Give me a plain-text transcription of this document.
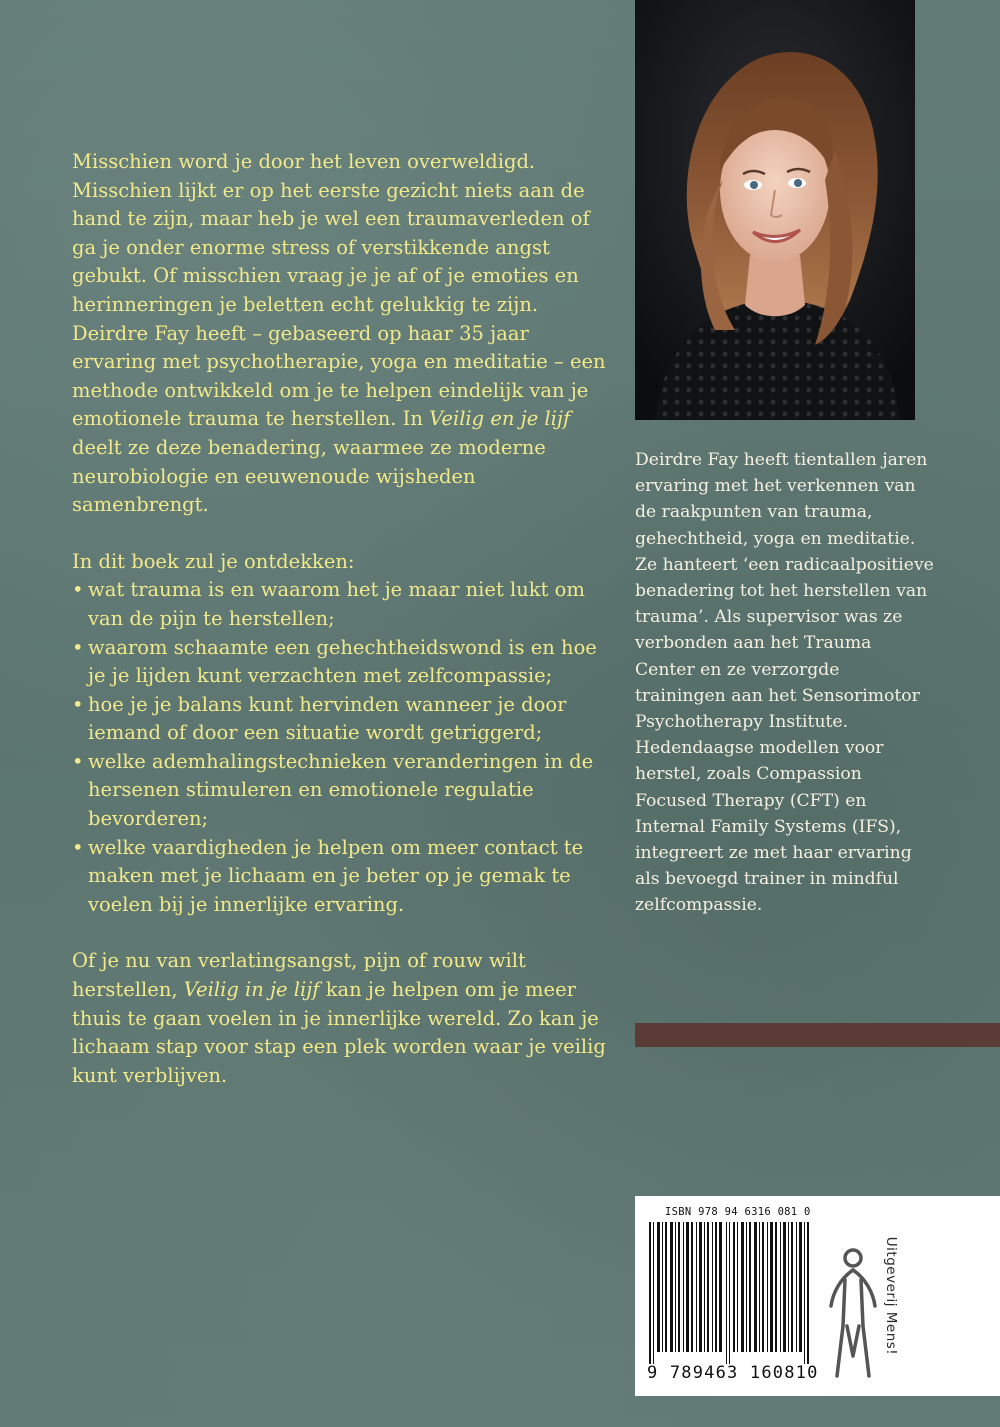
Misschien word je door het leven overweldigd. Misschien lijkt er op het eerste gezicht niets aan de hand te zijn, maar heb je wel een traumaverleden of ga je onder enorme stress of verstikkende angst gebukt. Of misschien vraag je je af of je emoties en herinneringen je beletten echt gelukkig te zijn. Deirdre Fay heeft – gebaseerd op haar 35 jaar ervaring met psychotherapie, yoga en meditatie – een methode ontwikkeld om je te helpen eindelijk van je emotionele trauma te herstellen. In Veilig en je lijf deelt ze deze benadering, waarmee ze moderne neurobiologie en eeuwenoude wijsheden samenbrengt.

In dit boek zul je ontdekken:

• wat trauma is en waarom het je maar niet lukt om van de pijn te herstellen;
• waarom schaamte een gehechtheidswond is en hoe je je lijden kunt verzachten met zelfcompassie;
• hoe je je balans kunt hervinden wanneer je door iemand of door een situatie wordt getriggerd;
• welke ademhalingstechnieken veranderingen in de hersenen stimuleren en emotionele regulatie bevorderen;
• welke vaardigheden je helpen om meer contact te maken met je lichaam en je beter op je gemak te voelen bij je innerlijke ervaring.

Of je nu van verlatingsangst, pijn of rouw wilt herstellen, Veilig in je lijf kan je helpen om je meer thuis te gaan voelen in je innerlijke wereld. Zo kan je lichaam stap voor stap een plek worden waar je veilig kunt verblijven.

Deirdre Fay heeft tientallen jaren ervaring met het verkennen van de raakpunten van trauma, gehechtheid, yoga en meditatie. Ze hanteert ‘een radicaalpositieve benadering tot het herstellen van trauma’. Als supervisor was ze verbonden aan het Trauma Center en ze verzorgde trainingen aan het Sensorimotor Psychotherapy Institute. Hedendaagse modellen voor herstel, zoals Compassion Focused Therapy (CFT) en Internal Family Systems (IFS), integreert ze met haar ervaring als bevoegd trainer in mindful zelfcompassie.
ISBN 978 94 6316 081 0
9 789463 160810
Uitgeverij Mens!
